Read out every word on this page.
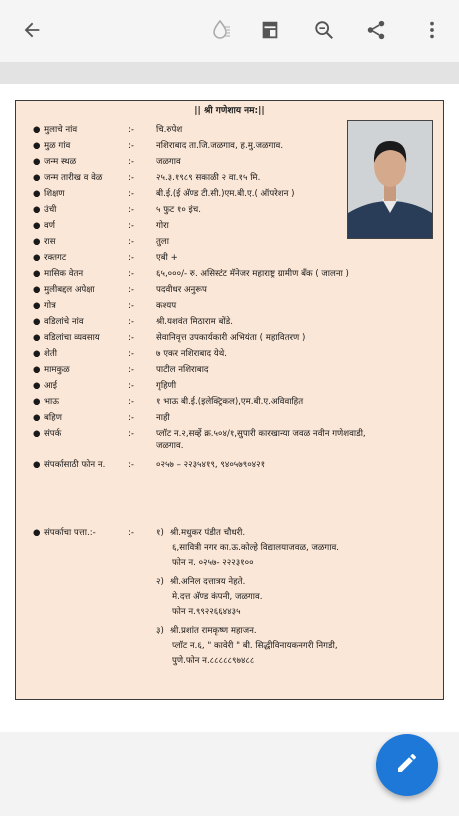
|| श्री गणेशाय नम:||
● मुलाचे नांव	:-	चि.रुपेश
● मुळ गांव	:-	नशिराबाद ता.जि.जळगाव, ह.मु.जळगाव.
● जन्म स्थळ	:-	जळगाव
● जन्म तारीख व वेळ	:-	२५.३.१९८९ सकाळी २ वा.१५ मि.
● शिक्षण	:-	बी.ई.(ई अ‍ॅण्ड टी.सी.)एम.बी.ए.( ऑपरेशन )
● उंची	:-	५ फुट १० इंच.
● वर्ण	:-	गोरा
● रास	:-	तुला
● रक्तगट	:-	एबी +
● मासिक वेतन	:-	६५,०००/- रु. असिस्टंट मॅनेजर महाराष्ट्र ग्रामीण बँक ( जालना )
● मुलीबद्दल अपेक्षा	:-	पदवीधर अनुरूप
● गोत्र	:-	कश्यप
● वडिलांचे नांव	:-	श्री.यशवंत मिठाराम बोंडे.
● वडिलांचा व्यवसाय	:-	सेवानिवृत्त उपकार्यकारी अभियंता ( महावितरण )
● शेती	:-	७ एकर नशिराबाद येथे.
● मामकुळ	:-	पाटील नशिराबाद
● आई	:-	गृहिणी
● भाऊ	:-	१ भाऊ बी.ई.(इलेक्ट्रिकल),एम.बी.ए.अविवाहित
● बहिण	:-	नाही
● संपर्क	:-	प्लॉट न.२,सर्व्हे क्र.५०४/१,सुपारी कारखान्या जवळ नवीन गणेशवाडी,
जळगाव.
● संपर्कासाठी फोन न.	:-	०२५७ – २२३५४१९, ९४०५७९०४२१
● संपर्काचा पत्ता.:-	:-	१) श्री.मधुकर पंडीत चौधरी.
६,सावित्री नगर का.ऊ.कोल्हे विद्यालयाजवळ, जळगाव.
फोन न. ०२५७- २२२३१००
२) श्री.अनिल दत्तात्रय नेहते.
मे.दत्त अ‍ॅण्ड कंपनी, जळगाव.
फोन न.९९२२६६४४३५
३) श्री.प्रशांत रामकृष्ण महाजन.
प्लॉट न.६, " कावेरी " बी. सिद्धीविनायकनगरी निगडी,
पुणे.फोन न.८८८८८९७४८८
